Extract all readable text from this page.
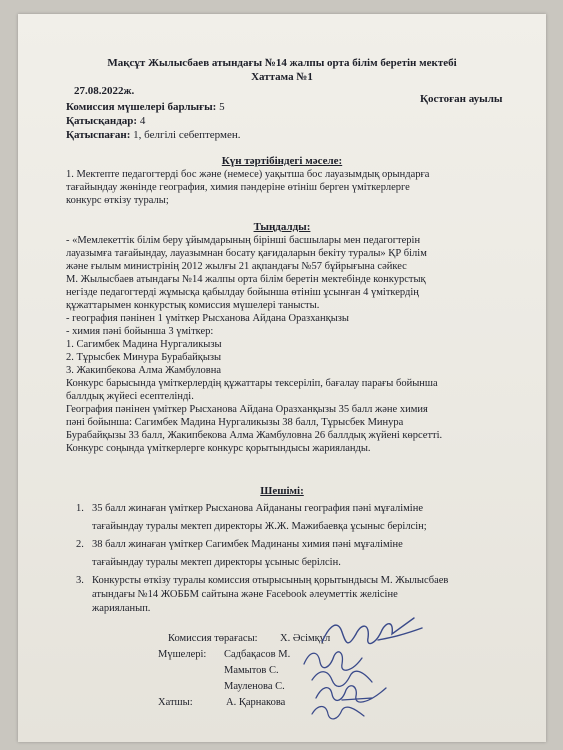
Мақсұт Жылысбаев атындағы №14 жалпы орта білім беретін мектебі
Хаттама №1
27.08.2022ж.
Қостоған ауылы
Комиссия мүшелері барлығы: 5
Қатысқандар: 4
Қатыспаған: 1, белгілі себептермен.
Күн тәртібіндегі мәселе:
1. Мектепте педагогтерді бос және (немесе) уақытша бос лауазымдық орындарға
тағайындау жөнінде география, химия пәндеріне өтініш берген үміткерлерге
конкурс өткізу туралы;
Тыңдалды:
- «Мемлекеттік білім беру ұйымдарының бірінші басшылары мен педагогтерін
лауазымға тағайындау, лауазымнан босату қағидаларын бекіту туралы» ҚР білім
және ғылым министрінің 2012 жылғы 21 ақпандағы №57 бұйрығына сәйкес
М. Жылысбаев атындағы №14 жалпы орта білім беретін мектебінде конкурстық
негізде педагогтерді жұмысқа қабылдау бойынша өтініш ұсынған 4 үміткердің
құжаттарымен конкурстық комиссия мүшелері танысты.
- география пәнінен 1 үміткер Рысханова Айдана Оразханқызы
- химия пәні бойынша 3 үміткер:
1. Сагимбек Мадина Нургаликызы
2. Тұрысбек Минура Бурабайқызы
3. Жакипбекова Алма Жамбуловна
Конкурс барысында үміткерлердің құжаттары тексеріліп, бағалау парағы бойынша
баллдық жүйесі есептелінді.
География пәнінен үміткер Рысханова Айдана Оразханқызы 35 балл және химия
пәні бойынша: Сагимбек Мадина Нургаликызы 38 балл, Тұрысбек Минура
Бурабайқызы 33 балл, Жакипбекова Алма Жамбуловна 26 баллдық жүйені көрсетті.
Конкурс соңында үміткерлерге конкурс қорытындысы жарияланды.
Шешімі:
1. 35 балл жинаған үміткер Рысханова Айдананы география пәні мұғаліміне
тағайындау туралы мектеп директоры Ж.Ж. Мажибаевқа ұсыныс берілсін;
2. 38 балл жинаған үміткер Сагимбек Мадинаны химия пәні мұғаліміне
тағайындау туралы мектеп директоры ұсыныс берілсін.
3. Конкурсты өткізу туралы комиссия отырысының қорытындысы М. Жылысбаев
атындағы №14 ЖОББМ сайтына және Facebook әлеуметтік желісіне
жарияланып.
Комиссия төрағасы: Х. Әсімқұл
Мүшелері: Садбақасов М.
Мамытов С.
Мауленова С.
Хатшы:	А. Қарнакова
